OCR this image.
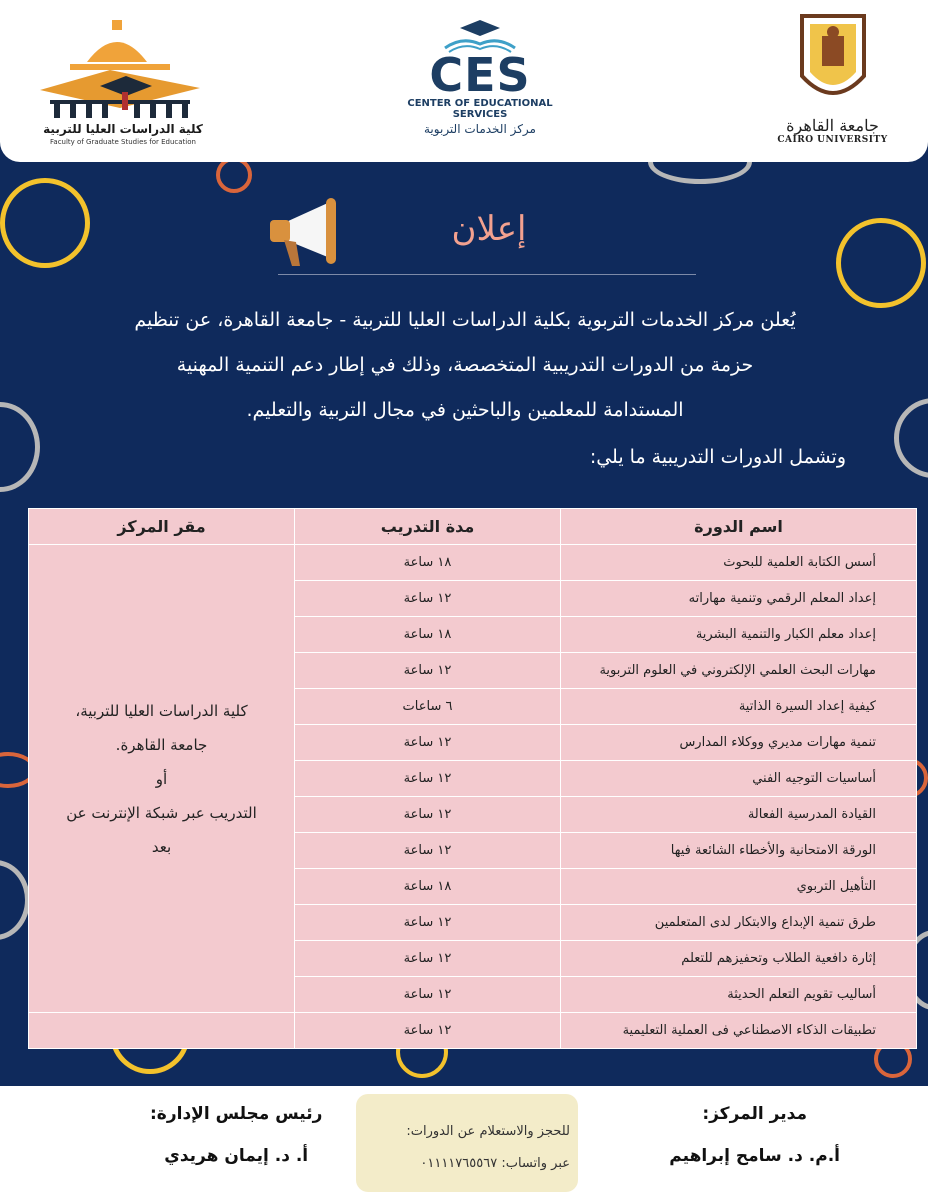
كلية الدراسات العليا للتربية
Faculty of Graduate Studies for Education
CES
CENTER OF EDUCATIONAL
SERVICES
مركز الخدمات التربوية	جامعة القاهرة
CAIRO UNIVERSITY
إعلان

يُعلن مركز الخدمات التربوية بكلية الدراسات العليا للتربية - جامعة القاهرة، عن تنظيم

حزمة من الدورات التدريبية المتخصصة، وذلك في إطار دعم التنمية المهنية

المستدامة للمعلمين والباحثين في مجال التربية والتعليم.

وتشمل الدورات التدريبية ما يلي:
اسم الدورة	مدة التدريب	مقر المركز
أسس الكتابة العلمية للبحوث	١٨ ساعة	كلية الدراسات العليا للتربية،
جامعة القاهرة.
أو
التدريب عبر شبكة الإنترنت عن
بعد

إعداد المعلم الرقمي وتنمية مهاراته	١٢ ساعة	
إعداد معلم الكبار والتنمية البشرية	١٨ ساعة	
مهارات البحث العلمي الإلكتروني في العلوم التربوية	١٢ ساعة	
كيفية إعداد السيرة الذاتية	٦ ساعات	
تنمية مهارات مديري ووكلاء المدارس	١٢ ساعة	
أساسيات التوجيه الفني	١٢ ساعة	
القيادة المدرسية الفعالة	١٢ ساعة	
الورقة الامتحانية والأخطاء الشائعة فيها	١٢ ساعة	
التأهيل التربوي	١٨ ساعة	
طرق تنمية الإبداع والابتكار لدى المتعلمين	١٢ ساعة	
إثارة دافعية الطلاب وتحفيزهم للتعلم	١٢ ساعة	
أساليب تقويم التعلم الحديثة	١٢ ساعة	
تطبيقات الذكاء الاصطناعي فى العملية التعليمية	١٢ ساعة	
مدير المركز:
أ.م. د. سامح إبراهيم
رئيس مجلس الإدارة:
أ. د. إيمان هريدي
للحجز والاستعلام عن الدورات:
عبر واتساب: ٠١١١١٧٦٥٥٦٧
